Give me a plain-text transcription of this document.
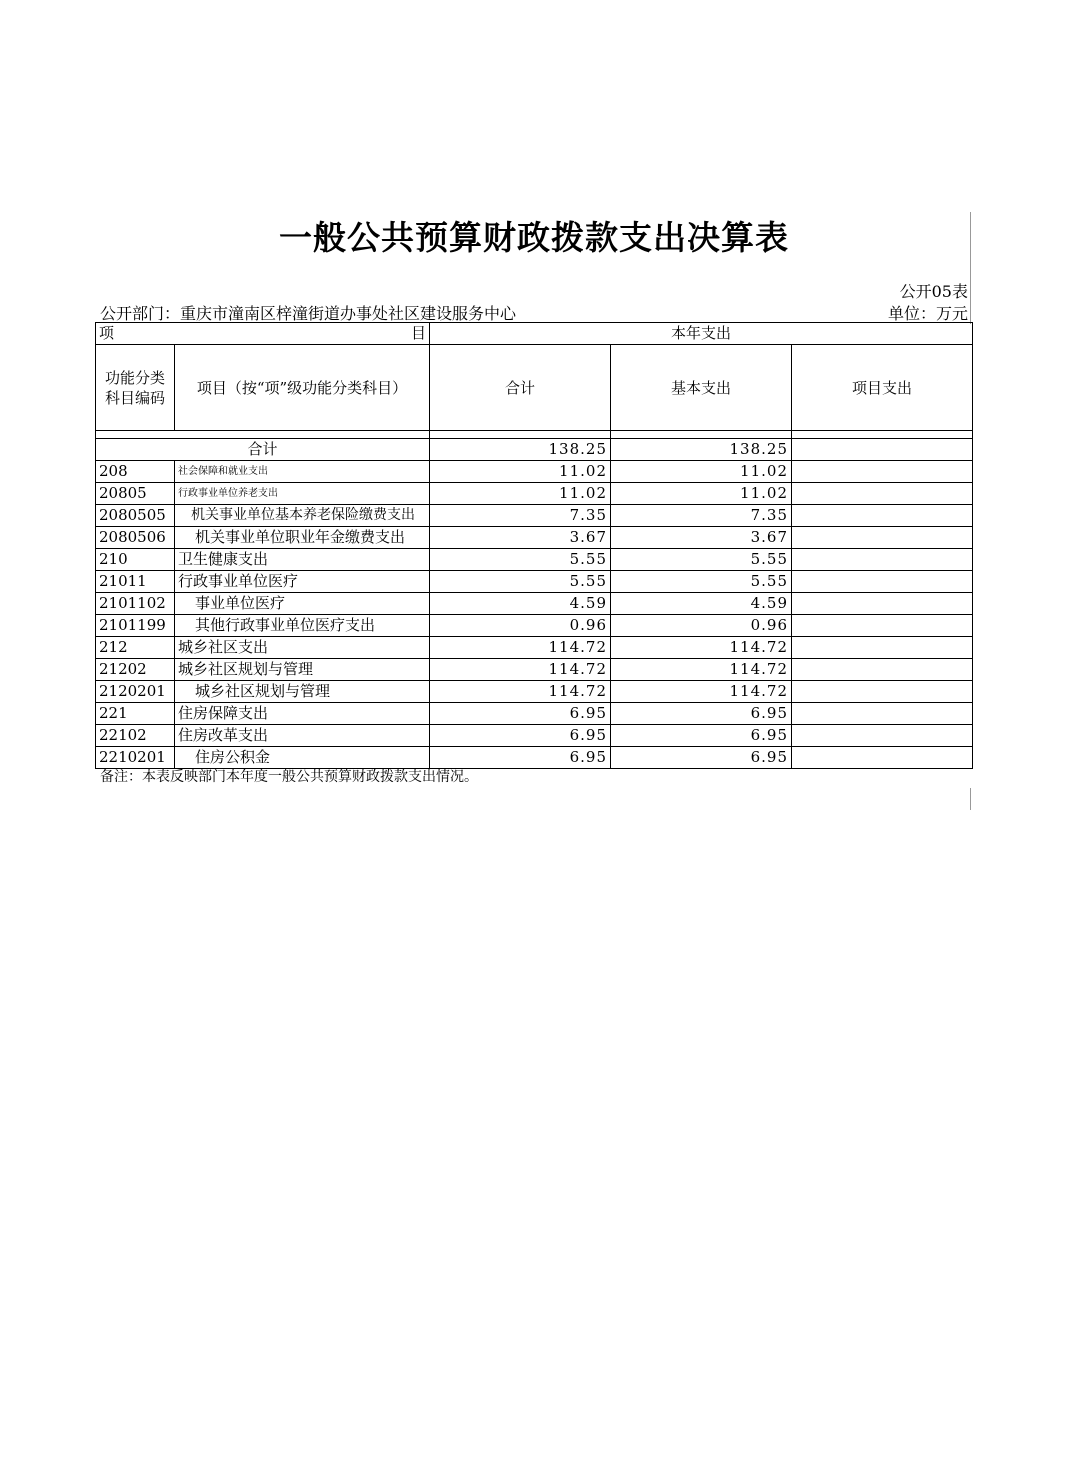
一般公共预算财政拨款支出决算表
公开05表
公开部门：重庆市潼南区梓潼街道办事处社区建设服务中心	单位：万元
项 目		本年支出		
功能分类科目编码	项目（按“项”级功能分类科目）	合计	基本支出	项目支出

合计		138.25	138.25	
208	社会保障和就业支出	11.02	11.02	
20805	行政事业单位养老支出	11.02	11.02	
2080505	机关事业单位基本养老保险缴费支出	7.35	7.35	
2080506	机关事业单位职业年金缴费支出	3.67	3.67	
210	卫生健康支出	5.55	5.55	
21011	行政事业单位医疗	5.55	5.55	
2101102	事业单位医疗	4.59	4.59	
2101199	其他行政事业单位医疗支出	0.96	0.96	
212	城乡社区支出	114.72	114.72	
21202	城乡社区规划与管理	114.72	114.72	
2120201	城乡社区规划与管理	114.72	114.72	
221	住房保障支出	6.95	6.95	
22102	住房改革支出	6.95	6.95	
2210201	住房公积金	6.95	6.95	
备注：本表反映部门本年度一般公共预算财政拨款支出情况。
